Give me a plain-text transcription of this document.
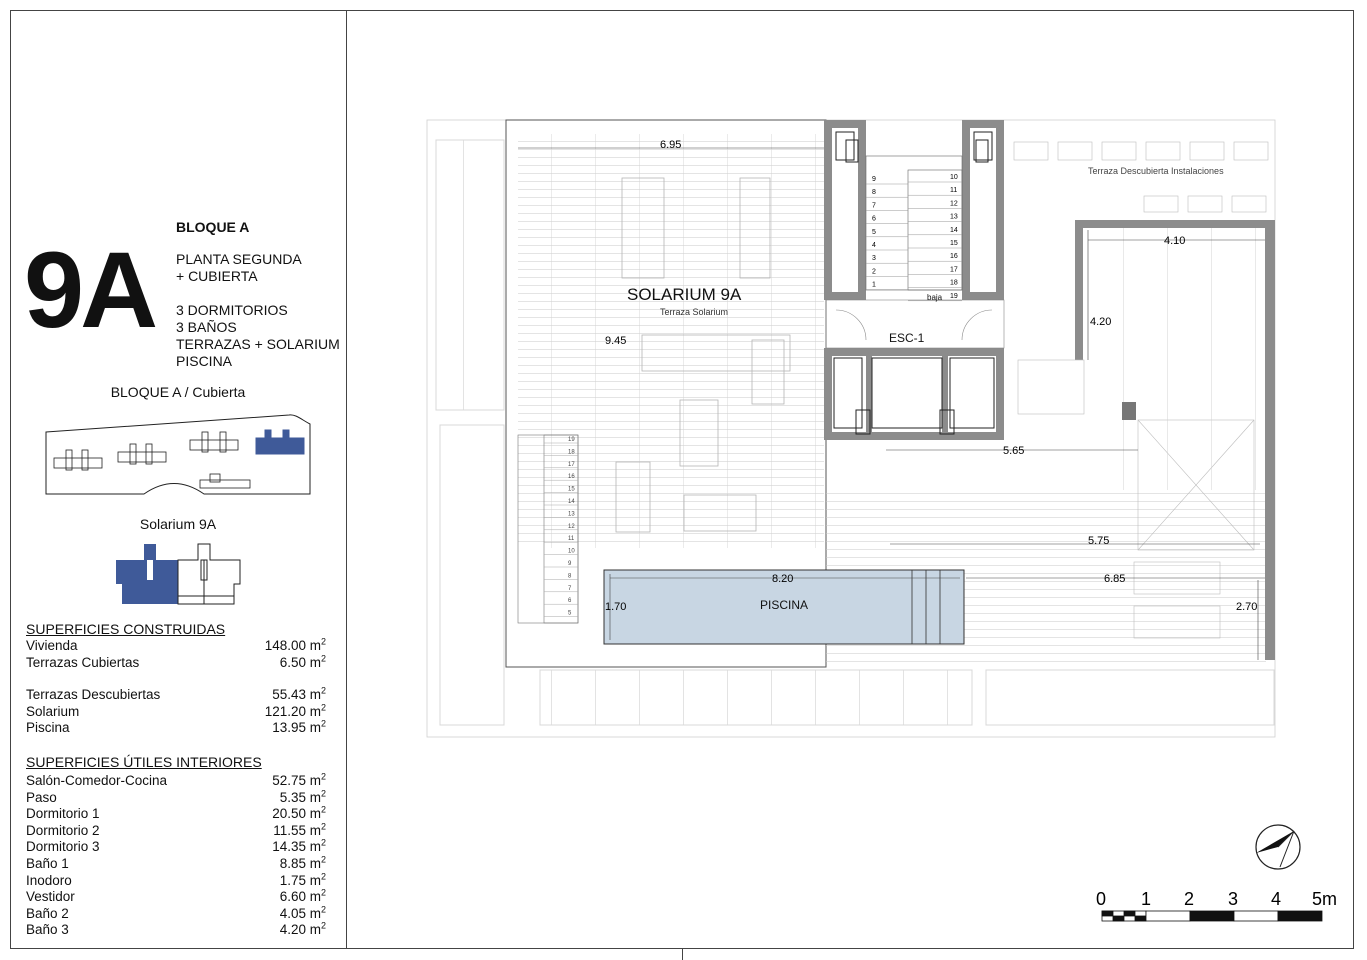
9A
BLOQUE A
PLANTA SEGUNDA
+ CUBIERTA
3 DORMITORIOS
3 BAÑOS
TERRAZAS + SOLARIUM
PISCINA
BLOQUE A / Cubierta
Solarium 9A
SUPERFICIES CONSTRUIDAS
Vivienda	148.00 $m^2$
Terrazas Cubiertas	6.50 $m^2$
Terrazas Descubiertas	55.43 $m^2$
Solarium	121.20 $m^2$
Piscina	13.95 $m^2$
SUPERFICIES ÚTILES INTERIORES
Salón-Comedor-Cocina	52.75 $m^2$
Paso	5.35 $m^2$
Dormitorio 1	20.50 $m^2$
Dormitorio 2	11.55 $m^2$
Dormitorio 3	14.35 $m^2$
Baño 1	8.85 $m^2$
Inodoro	1.75 $m^2$
Vestidor	6.60 $m^2$
Baño 2	4.05 $m^2$
Baño 3	4.20 $m^2$
19
18
17
16
15
14
13
12
11
10
9
8
7
6
5
9
8
7
6
5
4
3
2
1
10
11
12
13
14
15
16
17
18
19
SOLARIUM 9A
Terraza Solarium
Terraza Descubierta Instalaciones
ESC-1
baja
PISCINA
6.95
9.45
4.10
4.20
5.65
5.75
8.20	6.85
1.70	2.70
0 1 2 3 4 5m
